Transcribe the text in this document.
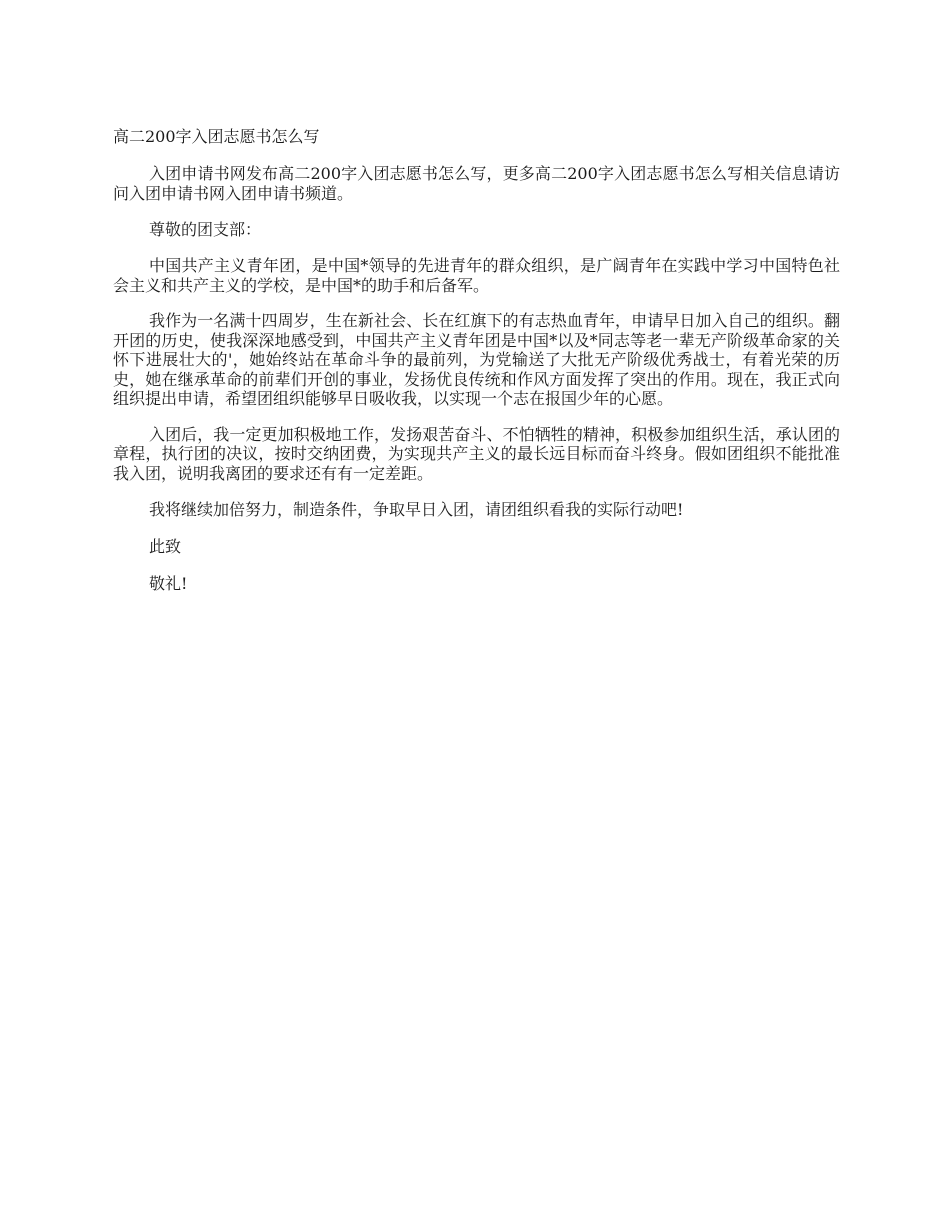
高二200字入团志愿书怎么写

入团申请书网发布高二200字入团志愿书怎么写，更多高二200字入团志愿书怎么写相关信息请访问入团申请书网入团申请书频道。

尊敬的团支部：

中国共产主义青年团，是中国*领导的先进青年的群众组织，是广阔青年在实践中学习中国特色社会主义和共产主义的学校，是中国*的助手和后备军。

我作为一名满十四周岁，生在新社会、长在红旗下的有志热血青年，申请早日加入自己的组织。翻开团的历史，使我深深地感受到，中国共产主义青年团是中国*以及*同志等老一辈无产阶级革命家的关怀下进展壮大的'，她始终站在革命斗争的最前列，为党输送了大批无产阶级优秀战士，有着光荣的历史，她在继承革命的前辈们开创的事业，发扬优良传统和作风方面发挥了突出的作用。现在，我正式向组织提出申请，希望团组织能够早日吸收我，以实现一个志在报国少年的心愿。

入团后，我一定更加积极地工作，发扬艰苦奋斗、不怕牺牲的精神，积极参加组织生活，承认团的章程，执行团的决议，按时交纳团费，为实现共产主义的最长远目标而奋斗终身。假如团组织不能批准我入团，说明我离团的要求还有有一定差距。

我将继续加倍努力，制造条件，争取早日入团，请团组织看我的实际行动吧!

此致

敬礼!
